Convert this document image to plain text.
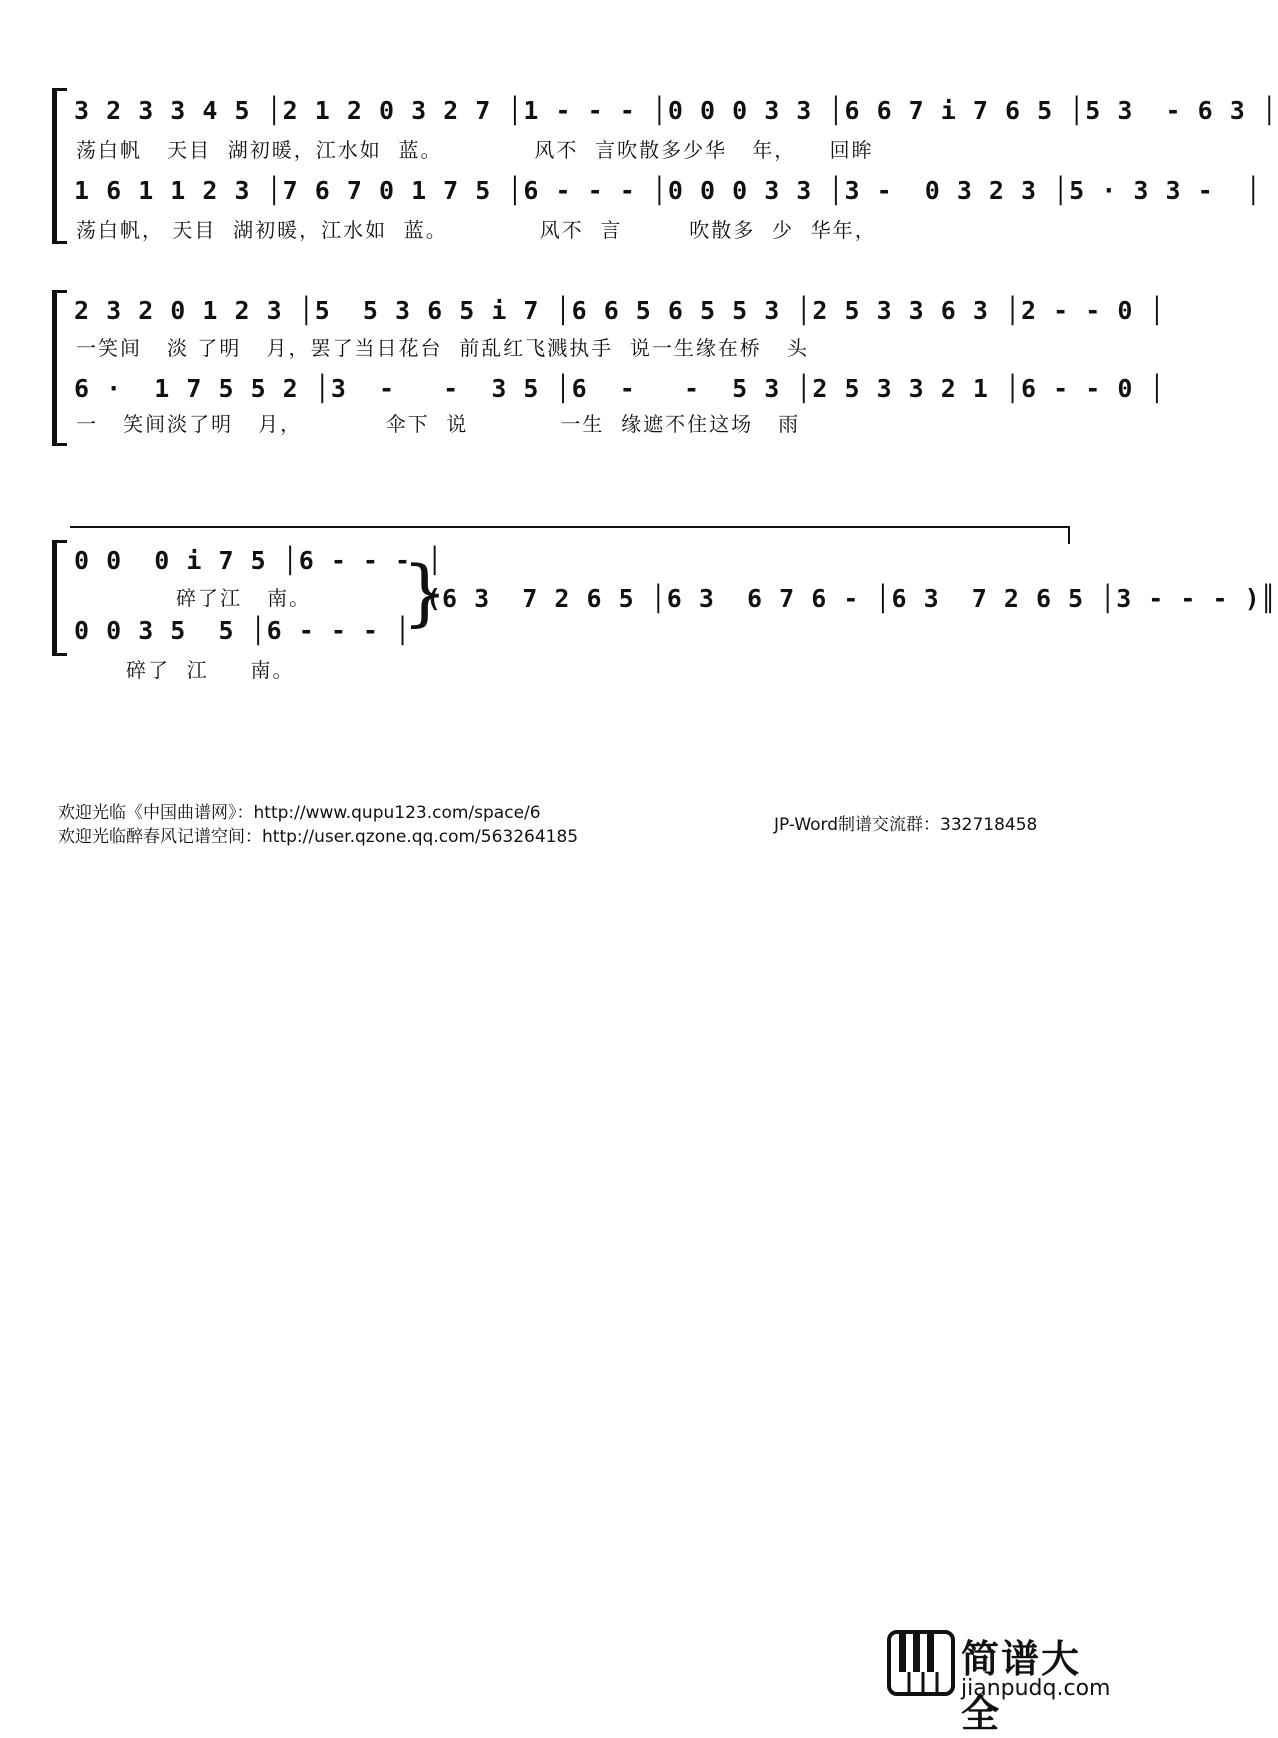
3 2 3 3 4 5 │2 1 2 0 3 2 7 │1 - - - │0 0 0 3 3 │6 6 7 i 7 6 5 │5 3  - 6 3 │
荡白帆   天目  湖初暖，江水如  蓝。           风不  言吹散多少华   年，    回眸
1 6 1 1 2 3 │7 6 7 0 1 7 5 │6 - - - │0 0 0 3 3 │3 -  0 3 2 3 │5 · 3 3 -  │
荡白帆， 天目  湖初暖，江水如  蓝。           风不  言        吹散多  少  华年，
2 3 2 0 1 2 3 │5  5 3 6 5 i 7 │6 6 5 6 5 5 3 │2 5 3 3 6 3 │2 - - 0 │
一笑间   淡 了明   月，罢了当日花台  前乱红飞溅执手  说一生缘在桥   头
6 ·  1 7 5 5 2 │3  -   -  3 5 │6  -   -  5 3 │2 5 3 3 2 1 │6 - - 0 │
一   笑间淡了明   月，          伞下  说           一生  缘遮不住这场   雨
0 0  0 i 7 5 │6 - - - │
碎了江   南。
0 0 3 5  5 │6 - - - │
碎了  江     南。
}
(6 3  7 2 6 5 │6 3  6 7 6 - │6 3  7 2 6 5 │3 - - - )║
欢迎光临《中国曲谱网》：http://www.qupu123.com/space/6
欢迎光临醉春风记谱空间：http://user.qzone.qq.com/563264185
JP-Word制谱交流群：332718458
简谱大全
jianpudq.com
